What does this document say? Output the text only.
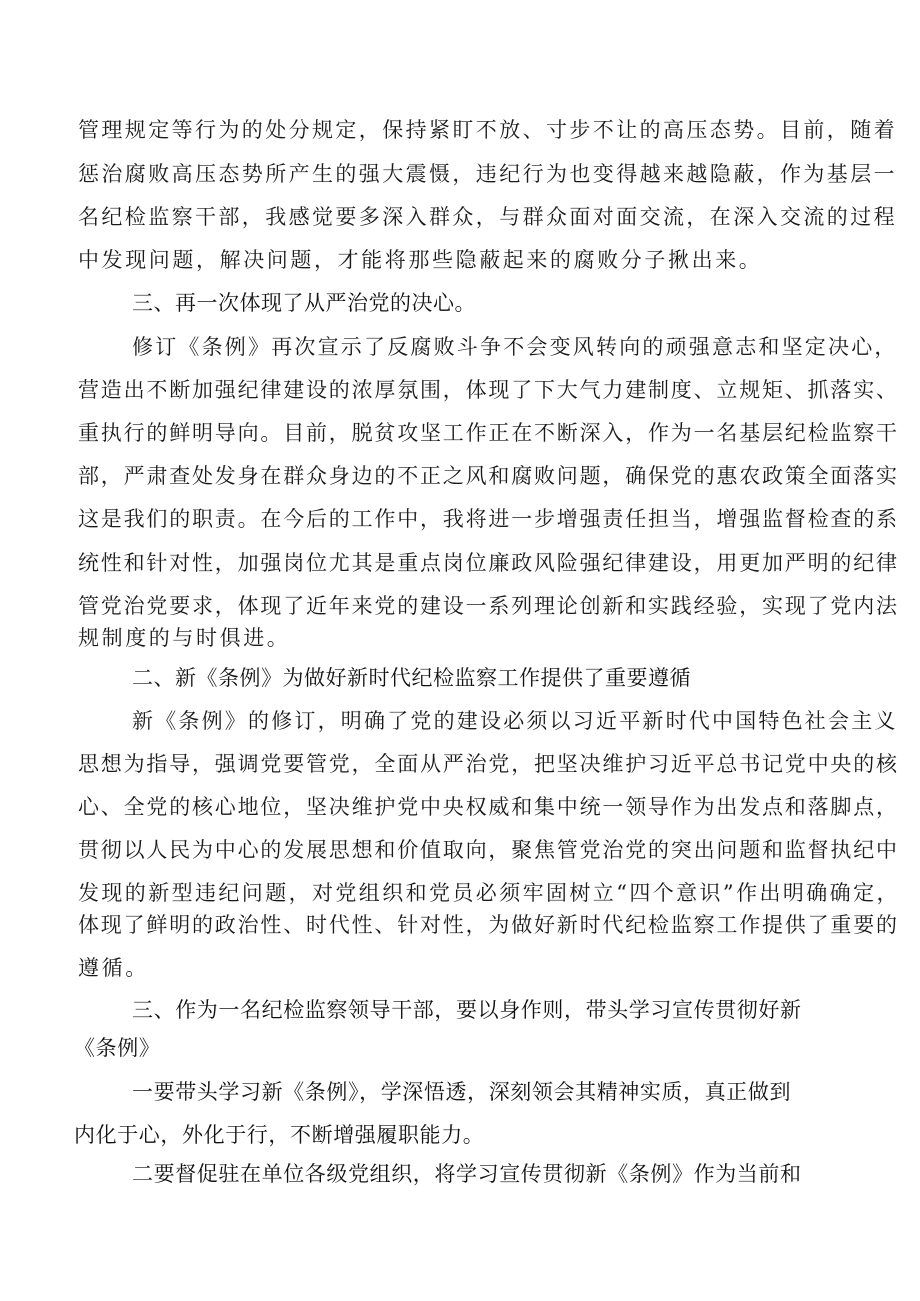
管理规定等行为的处分规定，保持紧盯不放、寸步不让的高压态势。目前，随着
惩治腐败高压态势所产生的强大震慑，违纪行为也变得越来越隐蔽，作为基层一
名纪检监察干部，我感觉要多深入群众，与群众面对面交流，在深入交流的过程
中发现问题，解决问题，才能将那些隐蔽起来的腐败分子揪出来。
三、再一次体现了从严治党的决心。
修订《条例》再次宣示了反腐败斗争不会变风转向的顽强意志和坚定决心，
营造出不断加强纪律建设的浓厚氛围，体现了下大气力建制度、立规矩、抓落实、
重执行的鲜明导向。目前，脱贫攻坚工作正在不断深入，作为一名基层纪检监察干
部，严肃查处发身在群众身边的不正之风和腐败问题，确保党的惠农政策全面落实
这是我们的职责。在今后的工作中，我将进一步增强责任担当，增强监督检查的系
统性和针对性，加强岗位尤其是重点岗位廉政风险强纪律建设，用更加严明的纪律
管党治党要求，体现了近年来党的建设一系列理论创新和实践经验，实现了党内法
规制度的与时俱进。
二、新《条例》为做好新时代纪检监察工作提供了重要遵循
新《条例》的修订，明确了党的建设必须以习近平新时代中国特色社会主义
思想为指导，强调党要管党，全面从严治党，把坚决维护习近平总书记党中央的核
心、全党的核心地位，坚决维护党中央权威和集中统一领导作为出发点和落脚点，
贯彻以人民为中心的发展思想和价值取向，聚焦管党治党的突出问题和监督执纪中
发现的新型违纪问题，对党组织和党员必须牢固树立“四个意识”作出明确确定，
体现了鲜明的政治性、时代性、针对性，为做好新时代纪检监察工作提供了重要的
遵循。
三、作为一名纪检监察领导干部，要以身作则，带头学习宣传贯彻好新
《条例》
一要带头学习新《条例》，学深悟透，深刻领会其精神实质，真正做到
内化于心，外化于行，不断增强履职能力。
二要督促驻在单位各级党组织，将学习宣传贯彻新《条例》作为当前和
